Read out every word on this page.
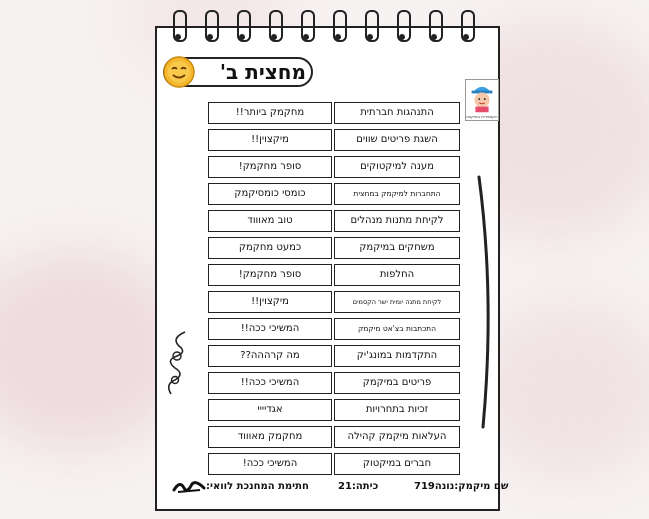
מחצית ב'
הקספרית במיקוטו
התנהגות חברתית
מחקמק ביותר!!
השגת פריטים שווים
מיקצוין!!
מענה למיקטוקים
סופר מחקמק!
התחברות למיקמק במחצית
כומסי כומסיקמק
לקיחת מתנות מנהלים
טוב מאוווד
משחקים במיקמק
כמעט מחקמק
החלפות
סופר מחקמק!
לקיחת מתנה יומית ישר הקסמים
מיקצוין!!
התכתבות בצ'אט מיקמק
המשיכי ככה!!
התקדמות במונג'יק
מה קרההה??
פריטים במיקמק
המשיכי ככה!!
זכיות בתחרויות
אגדיייי
העלאות מיקמק קהילה
מחקמק מאוווד
חברים במיקטוק
המשיכי ככה!
שם מיקמק:נונה719
כיתה:21
חתימת המחנכת לוואי:
